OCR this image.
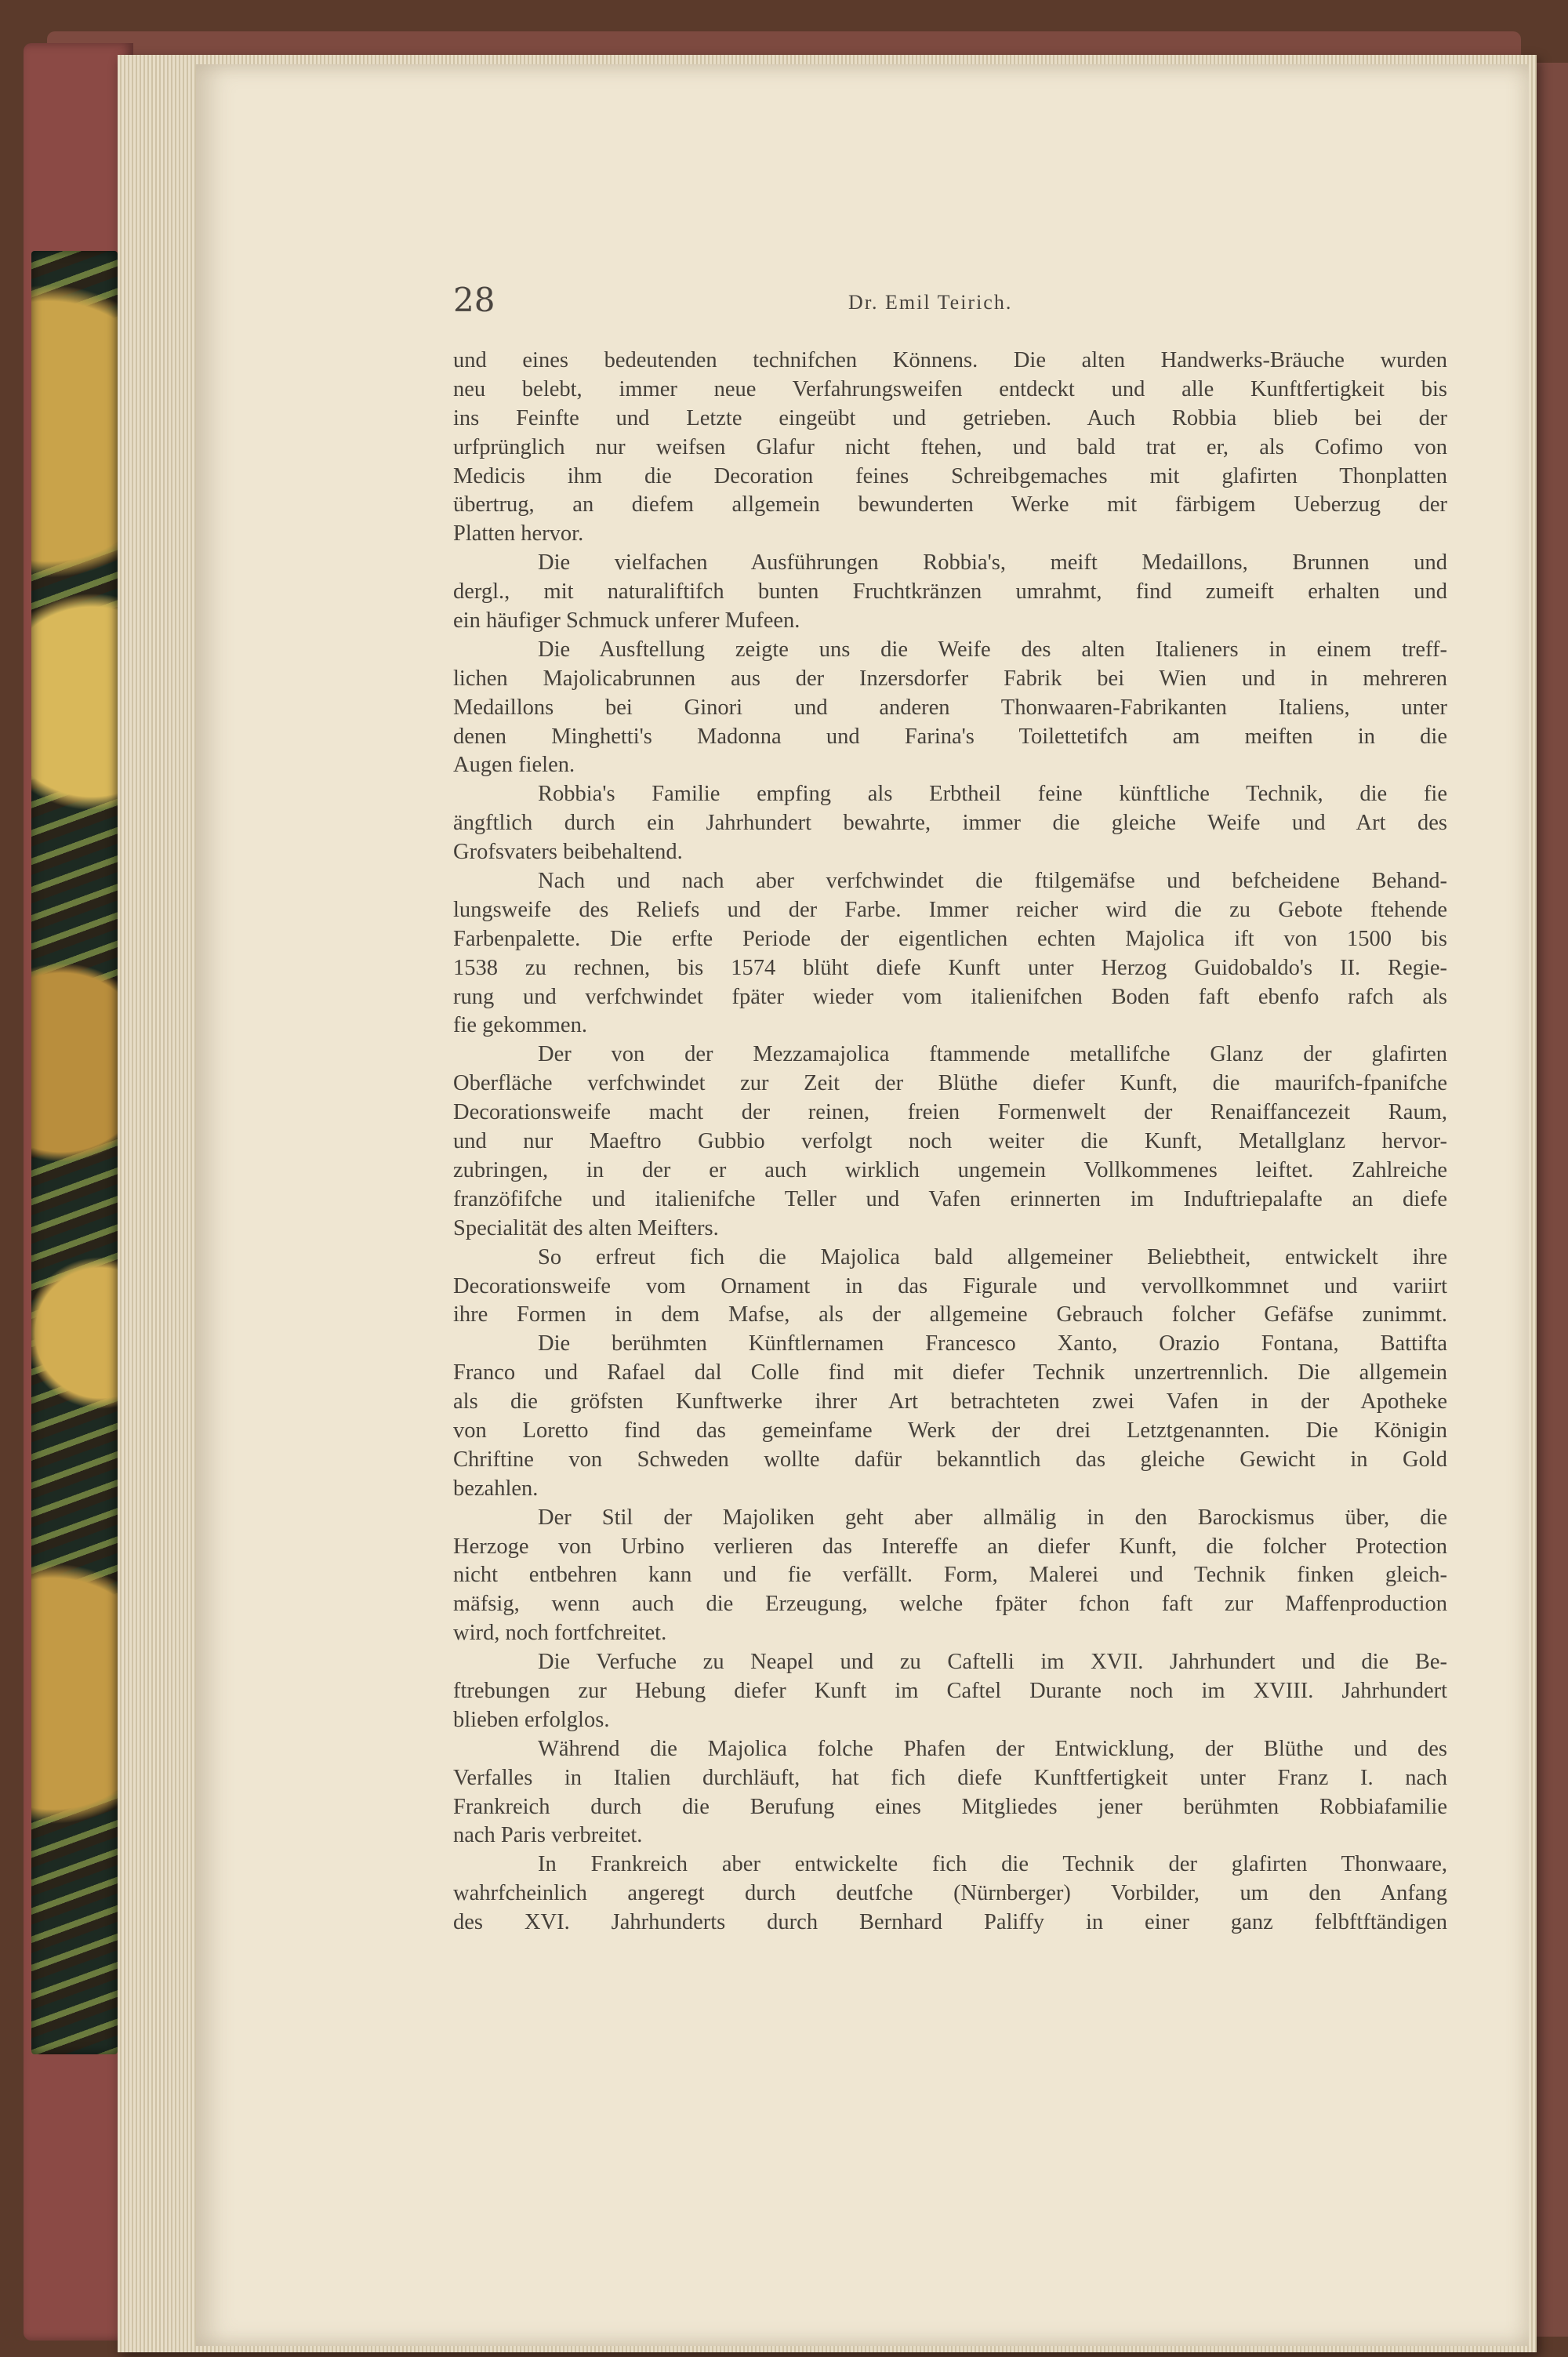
28	Dr. Emil Teirich.
und eines bedeutenden technifchen Könnens. Die alten Handwerks-Bräuche wurden
neu belebt, immer neue Verfahrungsweifen entdeckt und alle Kunftfertigkeit bis
ins Feinfte und Letzte eingeübt und getrieben. Auch Robbia blieb bei der
urfprünglich nur weifsen Glafur nicht ftehen, und bald trat er, als Cofimo von
Medicis ihm die Decoration feines Schreibgemaches mit glafirten Thonplatten
übertrug, an diefem allgemein bewunderten Werke mit färbigem Ueberzug der
Platten hervor.
Die vielfachen Ausführungen Robbia's, meift Medaillons, Brunnen und
dergl., mit naturaliftifch bunten Fruchtkränzen umrahmt, find zumeift erhalten und
ein häufiger Schmuck unferer Mufeen.
Die Ausftellung zeigte uns die Weife des alten Italieners in einem treff-
lichen Majolicabrunnen aus der Inzersdorfer Fabrik bei Wien und in mehreren
Medaillons bei Ginori und anderen Thonwaaren-Fabrikanten Italiens, unter
denen Minghetti's Madonna und Farina's Toilettetifch am meiften in die
Augen fielen.
Robbia's Familie empfing als Erbtheil feine künftliche Technik, die fie
ängftlich durch ein Jahrhundert bewahrte, immer die gleiche Weife und Art des
Grofsvaters beibehaltend.
Nach und nach aber verfchwindet die ftilgemäfse und befcheidene Behand-
lungsweife des Reliefs und der Farbe. Immer reicher wird die zu Gebote ftehende
Farbenpalette. Die erfte Periode der eigentlichen echten Majolica ift von 1500 bis
1538 zu rechnen, bis 1574 blüht diefe Kunft unter Herzog Guidobaldo's II. Regie-
rung und verfchwindet fpäter wieder vom italienifchen Boden faft ebenfo rafch als
fie gekommen.
Der von der Mezzamajolica ftammende metallifche Glanz der glafirten
Oberfläche verfchwindet zur Zeit der Blüthe diefer Kunft, die maurifch-fpanifche
Decorationsweife macht der reinen, freien Formenwelt der Renaiffancezeit Raum,
und nur Maeftro Gubbio verfolgt noch weiter die Kunft, Metallglanz hervor-
zubringen, in der er auch wirklich ungemein Vollkommenes leiftet. Zahlreiche
franzöfifche und italienifche Teller und Vafen erinnerten im Induftriepalafte an diefe
Specialität des alten Meifters.
So erfreut fich die Majolica bald allgemeiner Beliebtheit, entwickelt ihre
Decorationsweife vom Ornament in das Figurale und vervollkommnet und variirt
ihre Formen in dem Mafse, als der allgemeine Gebrauch folcher Gefäfse zunimmt.
Die berühmten Künftlernamen Francesco Xanto, Orazio Fontana, Battifta
Franco und Rafael dal Colle find mit diefer Technik unzertrennlich. Die allgemein
als die gröfsten Kunftwerke ihrer Art betrachteten zwei Vafen in der Apotheke
von Loretto find das gemeinfame Werk der drei Letztgenannten. Die Königin
Chriftine von Schweden wollte dafür bekanntlich das gleiche Gewicht in Gold
bezahlen.
Der Stil der Majoliken geht aber allmälig in den Barockismus über, die
Herzoge von Urbino verlieren das Intereffe an diefer Kunft, die folcher Protection
nicht entbehren kann und fie verfällt. Form, Malerei und Technik finken gleich-
mäfsig, wenn auch die Erzeugung, welche fpäter fchon faft zur Maffenproduction
wird, noch fortfchreitet.
Die Verfuche zu Neapel und zu Caftelli im XVII. Jahrhundert und die Be-
ftrebungen zur Hebung diefer Kunft im Caftel Durante noch im XVIII. Jahrhundert
blieben erfolglos.
Während die Majolica folche Phafen der Entwicklung, der Blüthe und des
Verfalles in Italien durchläuft, hat fich diefe Kunftfertigkeit unter Franz I. nach
Frankreich durch die Berufung eines Mitgliedes jener berühmten Robbiafamilie
nach Paris verbreitet.
In Frankreich aber entwickelte fich die Technik der glafirten Thonwaare,
wahrfcheinlich angeregt durch deutfche (Nürnberger) Vorbilder, um den Anfang
des XVI. Jahrhunderts durch Bernhard Paliffy in einer ganz felbftftändigen
